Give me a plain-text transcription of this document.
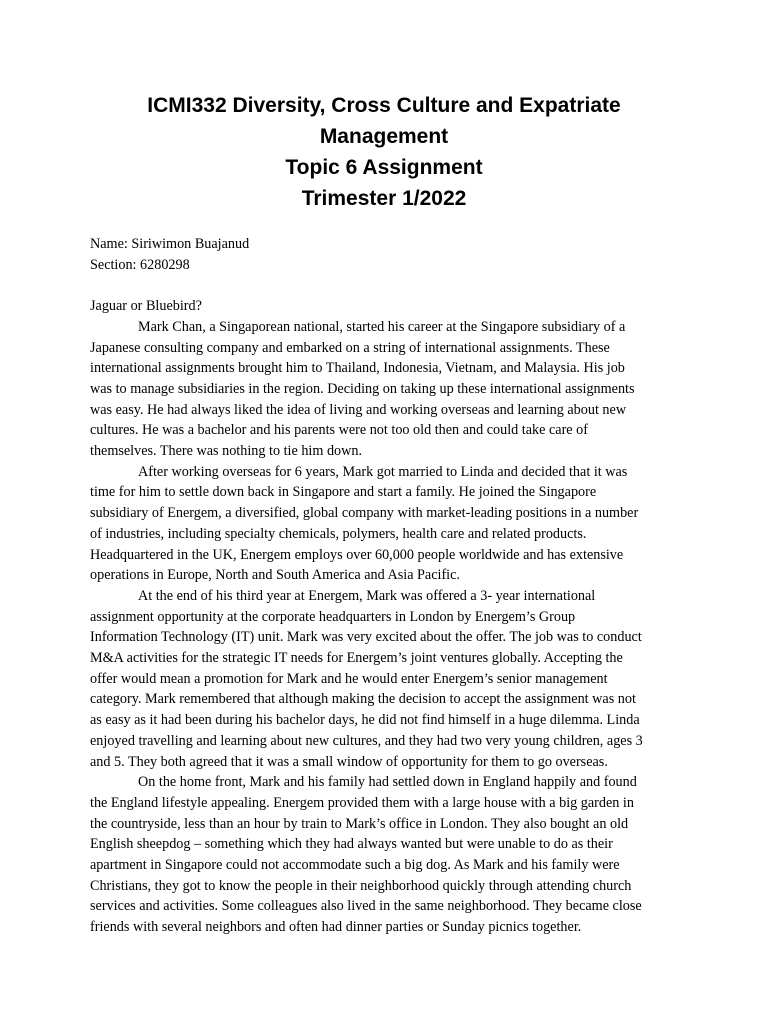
ICMI332 Diversity, Cross Culture and Expatriate
Management
Topic 6 Assignment
Trimester 1/2022
Name: Siriwimon Buajanud
Section: 6280298
Jaguar or Bluebird?
Mark Chan, a Singaporean national, started his career at the Singapore subsidiary of a
Japanese consulting company and embarked on a string of international assignments. These
international assignments brought him to Thailand, Indonesia, Vietnam, and Malaysia. His job
was to manage subsidiaries in the region. Deciding on taking up these international assignments
was easy. He had always liked the idea of living and working overseas and learning about new
cultures. He was a bachelor and his parents were not too old then and could take care of
themselves. There was nothing to tie him down.
After working overseas for 6 years, Mark got married to Linda and decided that it was
time for him to settle down back in Singapore and start a family. He joined the Singapore
subsidiary of Energem, a diversified, global company with market-leading positions in a number
of industries, including specialty chemicals, polymers, health care and related products.
Headquartered in the UK, Energem employs over 60,000 people worldwide and has extensive
operations in Europe, North and South America and Asia Pacific.
At the end of his third year at Energem, Mark was offered a 3- year international
assignment opportunity at the corporate headquarters in London by Energem’s Group
Information Technology (IT) unit. Mark was very excited about the offer. The job was to conduct
M&A activities for the strategic IT needs for Energem’s joint ventures globally. Accepting the
offer would mean a promotion for Mark and he would enter Energem’s senior management
category. Mark remembered that although making the decision to accept the assignment was not
as easy as it had been during his bachelor days, he did not find himself in a huge dilemma. Linda
enjoyed travelling and learning about new cultures, and they had two very young children, ages 3
and 5. They both agreed that it was a small window of opportunity for them to go overseas.
On the home front, Mark and his family had settled down in England happily and found
the England lifestyle appealing. Energem provided them with a large house with a big garden in
the countryside, less than an hour by train to Mark’s office in London. They also bought an old
English sheepdog – something which they had always wanted but were unable to do as their
apartment in Singapore could not accommodate such a big dog. As Mark and his family were
Christians, they got to know the people in their neighborhood quickly through attending church
services and activities. Some colleagues also lived in the same neighborhood. They became close
friends with several neighbors and often had dinner parties or Sunday picnics together.
